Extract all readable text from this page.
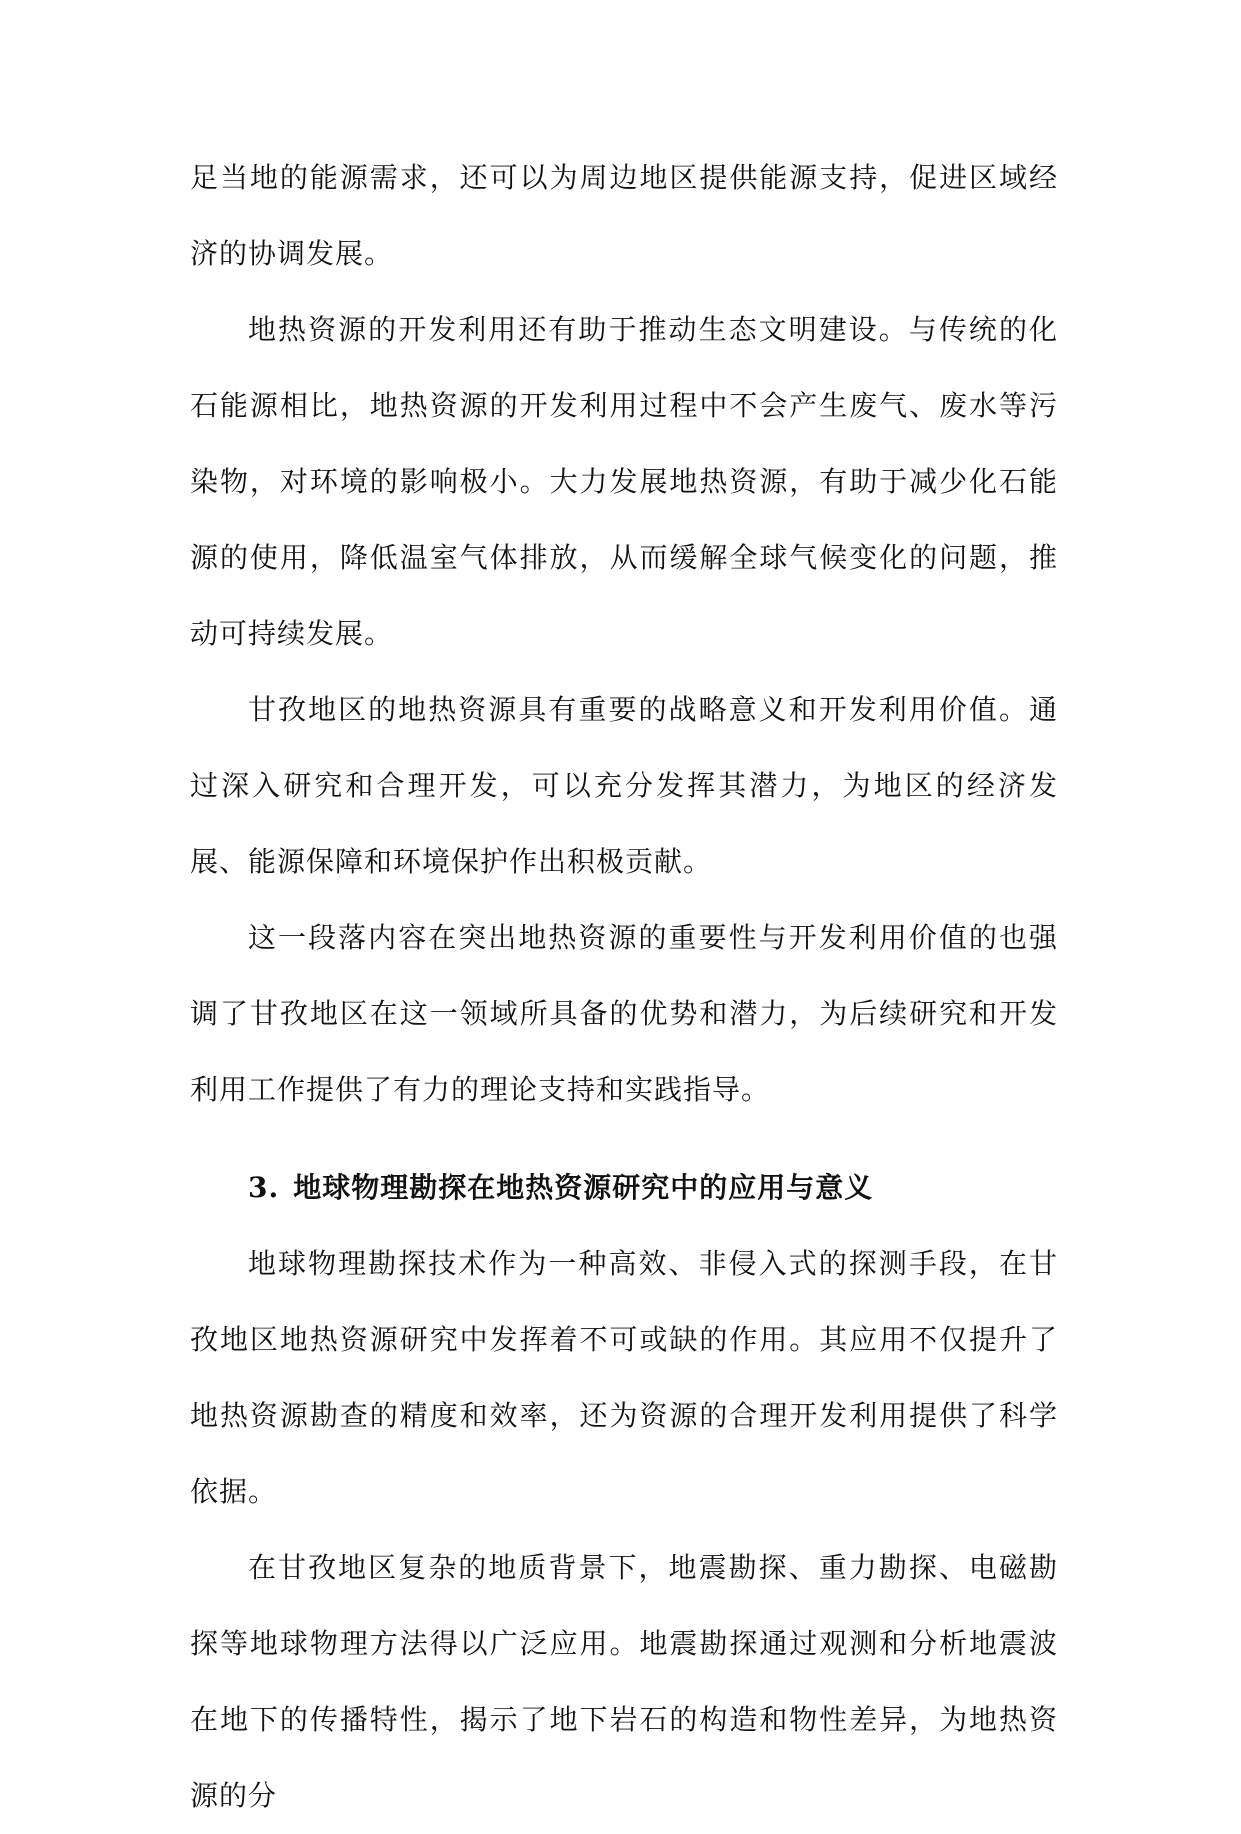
足当地的能源需求，还可以为周边地区提供能源支持，促进区域经济的协调发展。

地热资源的开发利用还有助于推动生态文明建设。与传统的化石能源相比，地热资源的开发利用过程中不会产生废气、废水等污染物，对环境的影响极小。大力发展地热资源，有助于减少化石能源的使用，降低温室气体排放，从而缓解全球气候变化的问题，推动可持续发展。

甘孜地区的地热资源具有重要的战略意义和开发利用价值。通过深入研究和合理开发，可以充分发挥其潜力，为地区的经济发展、能源保障和环境保护作出积极贡献。

这一段落内容在突出地热资源的重要性与开发利用价值的也强调了甘孜地区在这一领域所具备的优势和潜力，为后续研究和开发利用工作提供了有力的理论支持和实践指导。

3. 地球物理勘探在地热资源研究中的应用与意义

地球物理勘探技术作为一种高效、非侵入式的探测手段，在甘孜地区地热资源研究中发挥着不可或缺的作用。其应用不仅提升了地热资源勘查的精度和效率，还为资源的合理开发利用提供了科学依据。

在甘孜地区复杂的地质背景下，地震勘探、重力勘探、电磁勘探等地球物理方法得以广泛应用。地震勘探通过观测和分析地震波在地下的传播特性，揭示了地下岩石的构造和物性差异，为地热资源的分
